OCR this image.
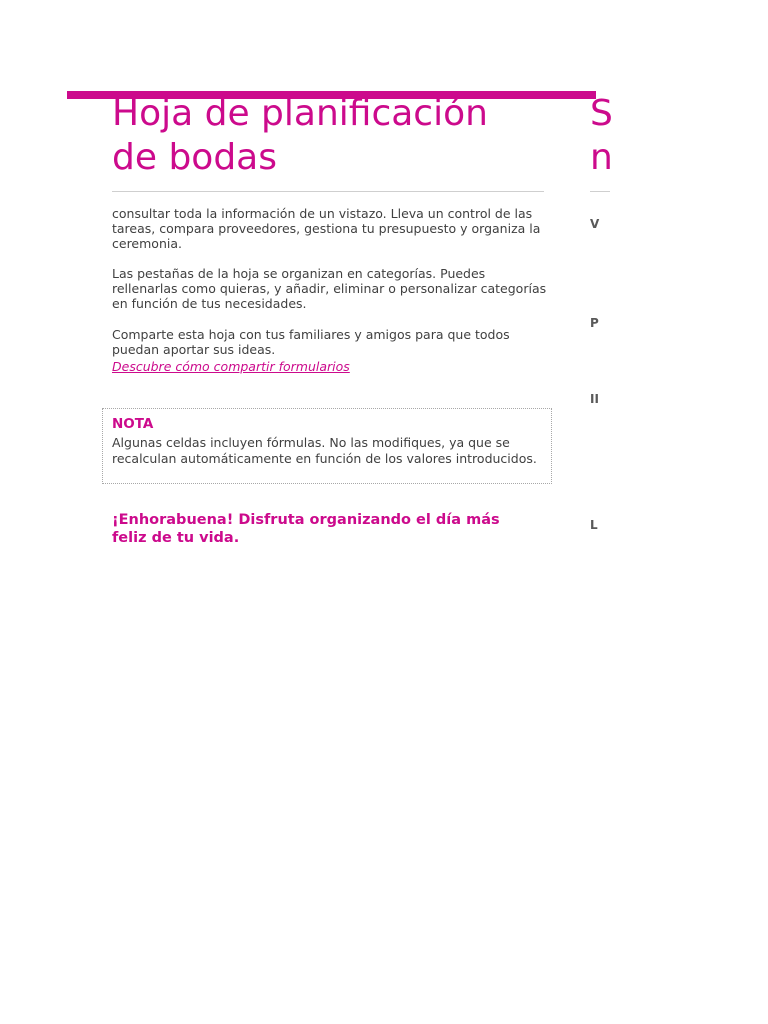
Hoja de planificación
de bodas

consultar toda la información de un vistazo. Lleva un control de las tareas, compara proveedores, gestiona tu presupuesto y organiza la ceremonia.

Las pestañas de la hoja se organizan en categorías. Puedes rellenarlas como quieras, y añadir, eliminar o personalizar categorías en función de tus necesidades.

Comparte esta hoja con tus familiares y amigos para que todos puedan aportar sus ideas.

Descubre cómo compartir formularios
NOTA

Algunas celdas incluyen fórmulas. No las modifiques, ya que se recalculan automáticamente en función de los valores introducidos.

¡Enhorabuena! Disfruta organizando el día más feliz de tu vida.

S
n
V
P
II
L
